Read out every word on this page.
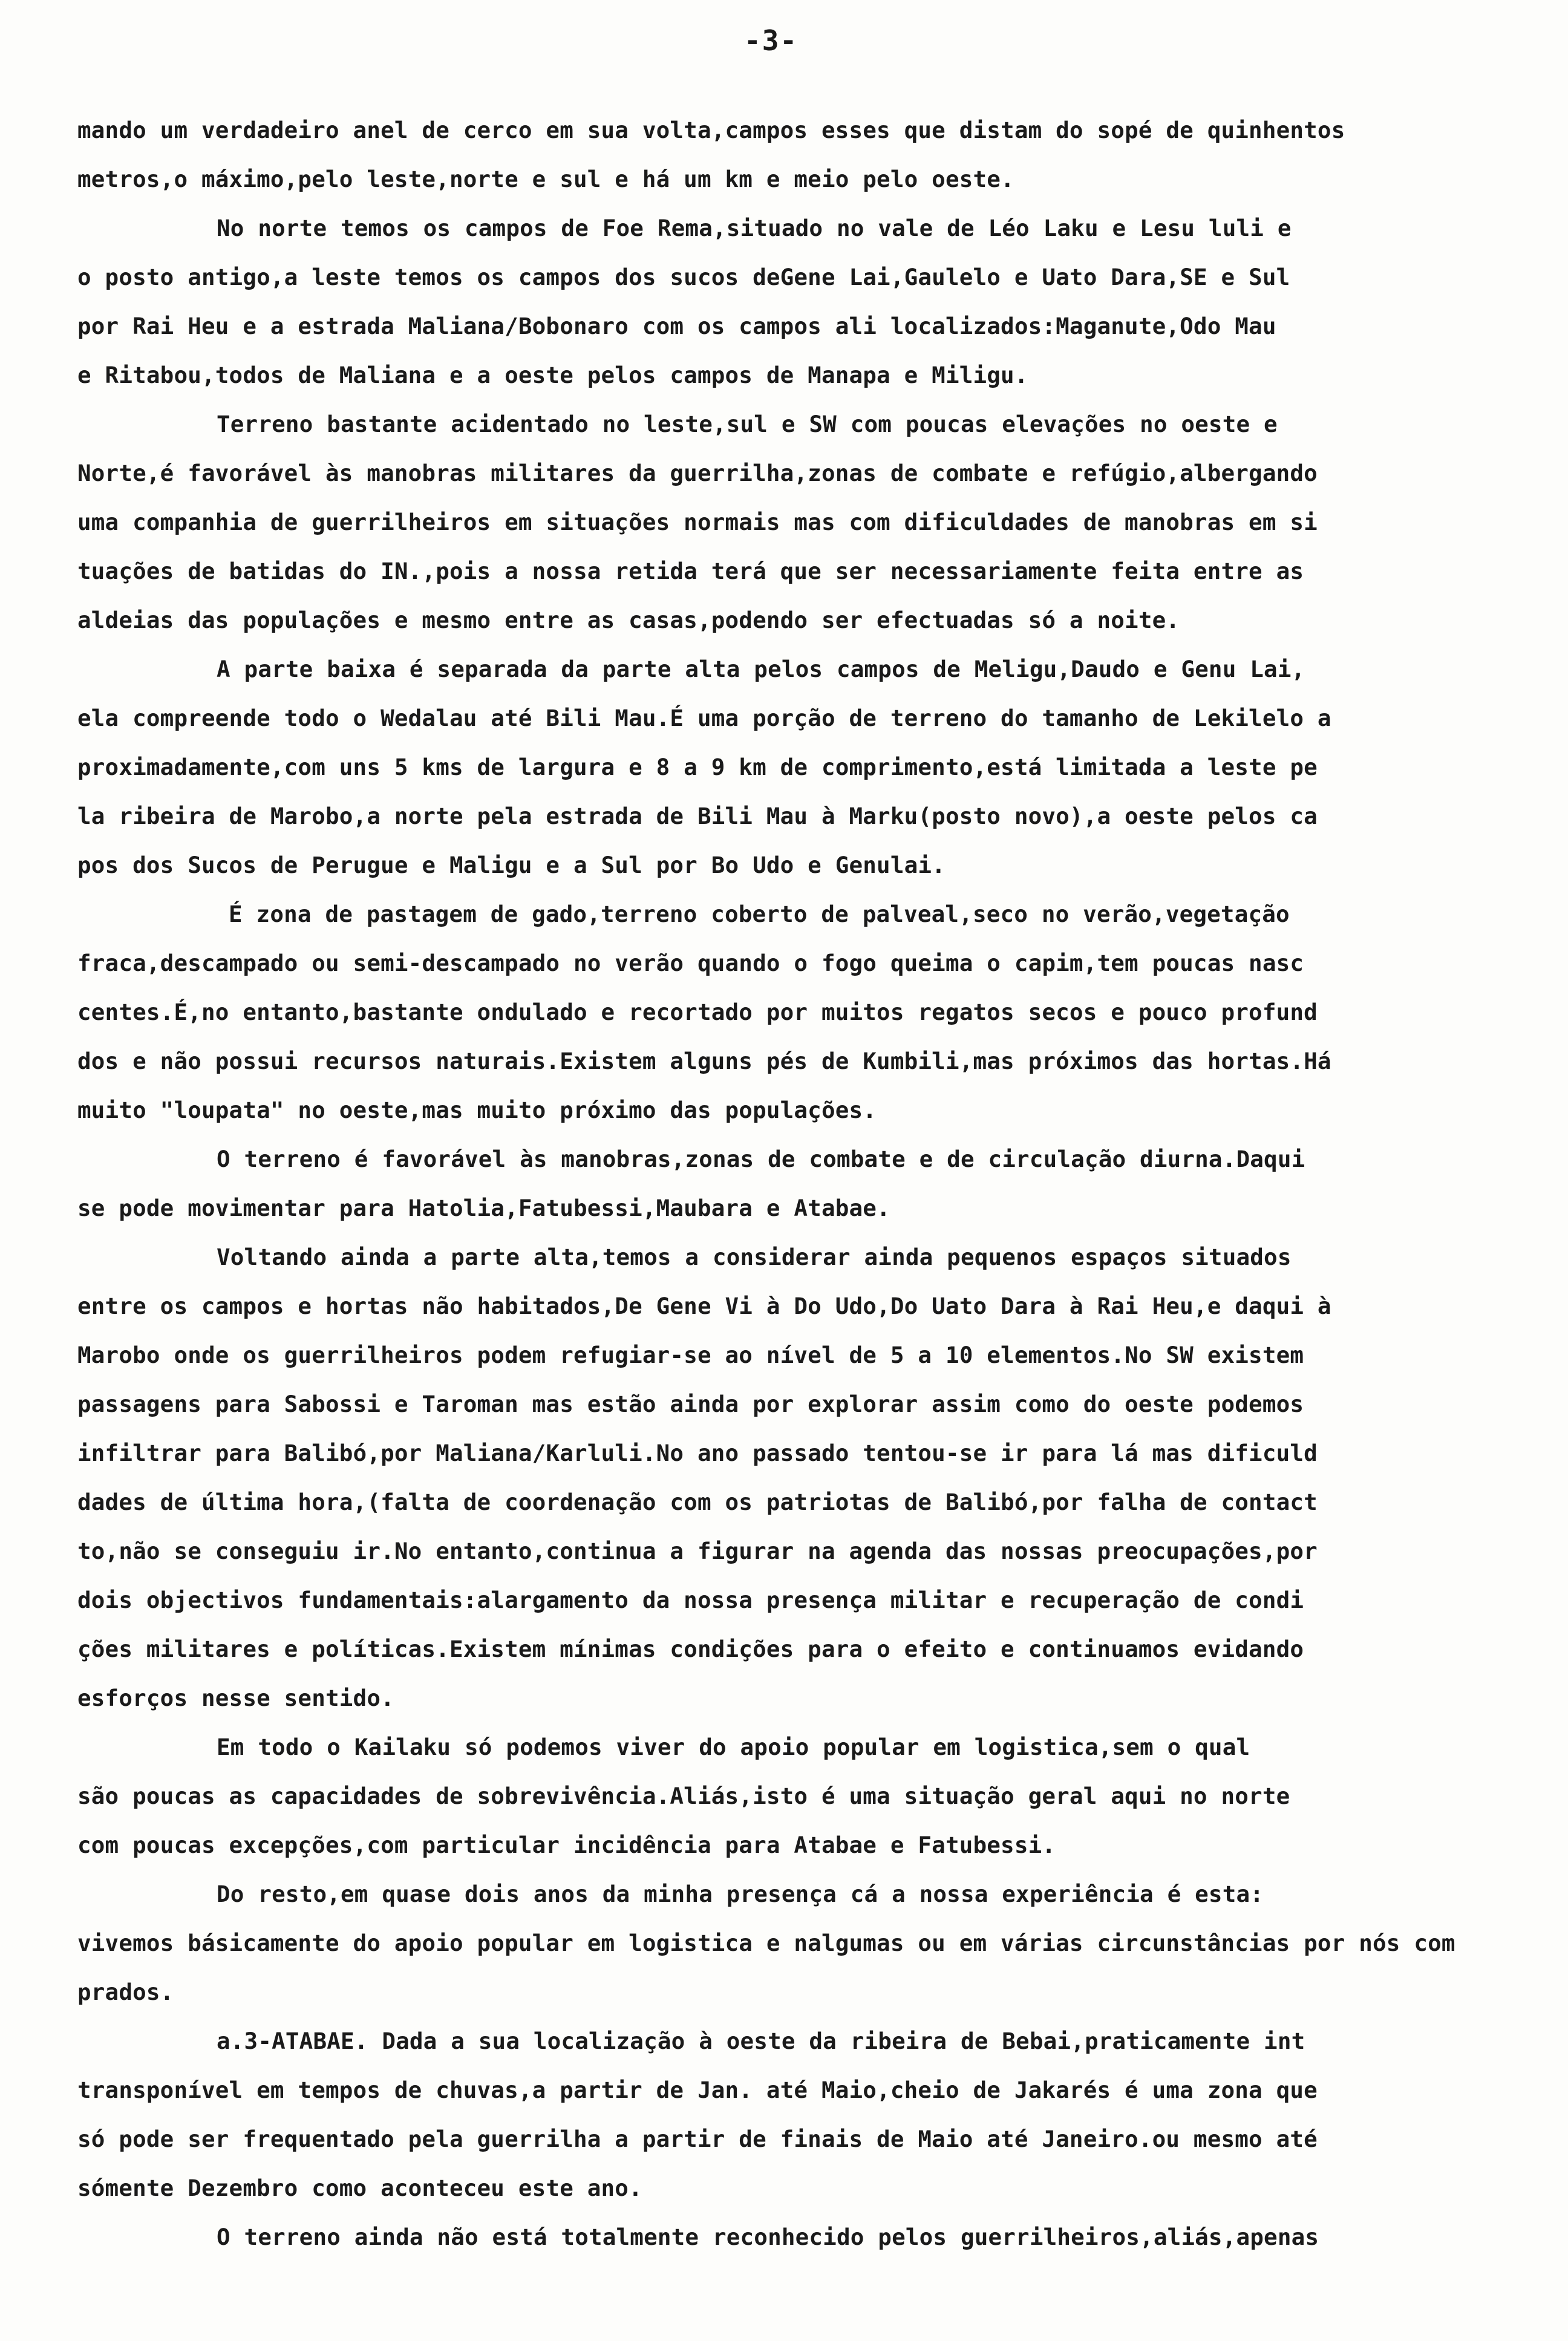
-3-
mando um verdadeiro anel de cerco em sua volta,campos esses que distam do sopé de quinhentos
metros,o máximo,pelo leste,norte e sul e há um km e meio pelo oeste.
No norte temos os campos de Foe Rema,situado no vale de Léo Laku e Lesu luli e
o posto antigo,a leste temos os campos dos sucos deGene Lai,Gaulelo e Uato Dara,SE e Sul
por Rai Heu e a estrada Maliana/Bobonaro com os campos ali localizados:Maganute,Odo Mau
e Ritabou,todos de Maliana e a oeste pelos campos de Manapa e Miligu.
Terreno bastante acidentado no leste,sul e SW com poucas elevações no oeste e
Norte,é favorável às manobras militares da guerrilha,zonas de combate e refúgio,albergando
uma companhia de guerrilheiros em situações normais mas com dificuldades de manobras em si
tuações de batidas do IN.,pois a nossa retida terá que ser necessariamente feita entre as
aldeias das populações e mesmo entre as casas,podendo ser efectuadas só a noite.
A parte baixa é separada da parte alta pelos campos de Meligu,Daudo e Genu Lai,
ela compreende todo o Wedalau até Bili Mau.É uma porção de terreno do tamanho de Lekilelo a
proximadamente,com uns 5 kms de largura e 8 a 9 km de comprimento,está limitada a leste pe
la ribeira de Marobo,a norte pela estrada de Bili Mau à Marku(posto novo),a oeste pelos ca
pos dos Sucos de Perugue e Maligu e a Sul por Bo Udo e Genulai.
É zona de pastagem de gado,terreno coberto de palveal,seco no verão,vegetação
fraca,descampado ou semi-descampado no verão quando o fogo queima o capim,tem poucas nasc
centes.É,no entanto,bastante ondulado e recortado por muitos regatos secos e pouco profund
dos e não possui recursos naturais.Existem alguns pés de Kumbili,mas próximos das hortas.Há
muito "loupata" no oeste,mas muito próximo das populações.
O terreno é favorável às manobras,zonas de combate e de circulação diurna.Daqui
se pode movimentar para Hatolia,Fatubessi,Maubara e Atabae.
Voltando ainda a parte alta,temos a considerar ainda pequenos espaços situados
entre os campos e hortas não habitados,De Gene Vi à Do Udo,Do Uato Dara à Rai Heu,e daqui à
Marobo onde os guerrilheiros podem refugiar-se ao nível de 5 a 10 elementos.No SW existem
passagens para Sabossi e Taroman mas estão ainda por explorar assim como do oeste podemos
infiltrar para Balibó,por Maliana/Karluli.No ano passado tentou-se ir para lá mas dificuld
dades de última hora,(falta de coordenação com os patriotas de Balibó,por falha de contact
to,não se conseguiu ir.No entanto,continua a figurar na agenda das nossas preocupações,por
dois objectivos fundamentais:alargamento da nossa presença militar e recuperação de condi
ções militares e políticas.Existem mínimas condições para o efeito e continuamos evidando
esforços nesse sentido.
Em todo o Kailaku só podemos viver do apoio popular em logistica,sem o qual
são poucas as capacidades de sobrevivência.Aliás,isto é uma situação geral aqui no norte
com poucas excepções,com particular incidência para Atabae e Fatubessi.
Do resto,em quase dois anos da minha presença cá a nossa experiência é esta:
vivemos básicamente do apoio popular em logistica e nalgumas ou em várias circunstâncias por nós com
prados.
a.3-ATABAE. Dada a sua localização à oeste da ribeira de Bebai,praticamente int
transponível em tempos de chuvas,a partir de Jan. até Maio,cheio de Jakarés é uma zona que
só pode ser frequentado pela guerrilha a partir de finais de Maio até Janeiro.ou mesmo até
sómente Dezembro como aconteceu este ano.
O terreno ainda não está totalmente reconhecido pelos guerrilheiros,aliás,apenas
